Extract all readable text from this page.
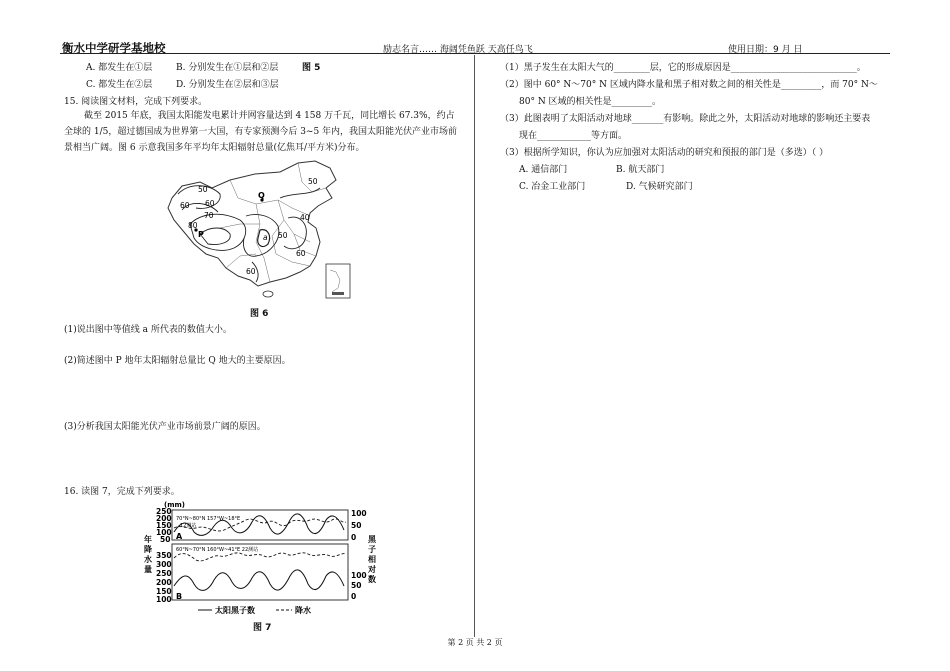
衡水中学研学基地校	励志名言…… 海阔凭鱼跃 天高任鸟飞	使用日期：9 月 日
A. 都发生在①层	B. 分别发生在①层和②层	图 5
C. 都发生在②层	D. 分别发生在②层和③层
15. 阅读图文材料，完成下列要求。
截至 2015 年底，我国太阳能发电累计并网容量达到 4 158 万千瓦，同比增长 67.3%，约占全球的 1/5，超过德国成为世界第一大国，有专家预测今后 3~5 年内，我国太阳能光伏产业市场前景相当广阔。图 6 示意我国多年平均年太阳辐射总量(亿焦耳/平方米)分布。
50
60
60
70
80
P
Q
a
50
50
60
40
60
图 6
(1)说出图中等值线 a 所代表的数值大小。
(2)简述图中 P 地年太阳辐射总量比 Q 地大的主要原因。
(3)分析我国太阳能光伏产业市场前景广阔的原因。
16. 读图 7，完成下列要求。
(mm)
250
200
150
100
50
350
300
250
200
150
100
年
降
水
量
100
50
0
100
50
0
黑
子
相
对
数
70°N~80°N 157°W~18°E
12测站
A
60°N~70°N 160°W~41°E 22测站
B
太阳黑子数	降水
图 7
（1）黑子发生在太阳大气的________层，它的形成原因是____________________________。
（2）图中 60° N～70° N 区域内降水量和黑子相对数之间的相关性是_________，而 70° N～
80° N 区域的相关性是_________。
（3）此图表明了太阳活动对地球_______有影响。除此之外，太阳活动对地球的影响还主要表
现在____________等方面。
（3）根据所学知识，你认为应加强对太阳活动的研究和预报的部门是（多选）（ ）
A. 通信部门	B. 航天部门
C. 冶金工业部门	D. 气候研究部门
第 2 页 共 2 页
